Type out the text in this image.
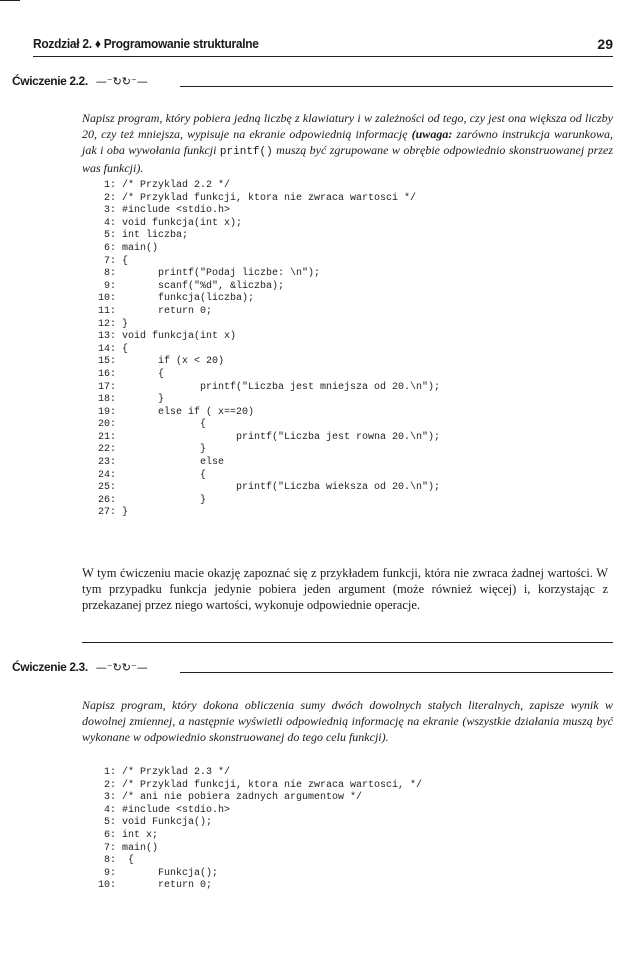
Rozdział 2. ♦ Programowanie strukturalne	29
Ćwiczenie 2.2. —⁻↻↻⁻—
Napisz program, który pobiera jedną liczbę z klawiatury i w zależności od tego, czy jest ona większa od liczby 20, czy też mniejsza, wypisuje na ekranie odpowiednią informację (uwaga: zarówno instrukcja warunkowa, jak i oba wywołania funkcji printf() muszą być zgrupowane w obrębie odpowiednio skonstruowanej przez was funkcji).
1: /* Przyklad 2.2 */
2: /* Przyklad funkcji, ktora nie zwraca wartosci */
3: #include <stdio.h>
4: void funkcja(int x);
5: int liczba;
6: main()
7: {
8:       printf("Podaj liczbe: \n");
9:       scanf("%d", &liczba);
10:       funkcja(liczba);
11:       return 0;
12: }
13: void funkcja(int x)
14: {
15:       if (x < 20)
16:       {
17:              printf("Liczba jest mniejsza od 20.\n");
18:       }
19:       else if ( x==20)
20:              {
21:                    printf("Liczba jest rowna 20.\n");
22:              }
23:              else
24:              {
25:                    printf("Liczba wieksza od 20.\n");
26:              }
27: }
W tym ćwiczeniu macie okazję zapoznać się z przykładem funkcji, która nie zwraca żadnej wartości. W tym przypadku funkcja jedynie pobiera jeden argument (może również więcej) i, korzystając z przekazanej przez niego wartości, wykonuje odpowiednie operacje.
Ćwiczenie 2.3. —⁻↻↻⁻—
Napisz program, który dokona obliczenia sumy dwóch dowolnych stałych literalnych, zapisze wynik w dowolnej zmiennej, a następnie wyświetli odpowiednią informację na ekranie (wszystkie działania muszą być wykonane w odpowiednio skonstruowanej do tego celu funkcji).
1: /* Przyklad 2.3 */
2: /* Przyklad funkcji, ktora nie zwraca wartosci, */
3: /* ani nie pobiera zadnych argumentow */
4: #include <stdio.h>
5: void Funkcja();
6: int x;
7: main()
8:  {
9:       Funkcja();
10:       return 0;
